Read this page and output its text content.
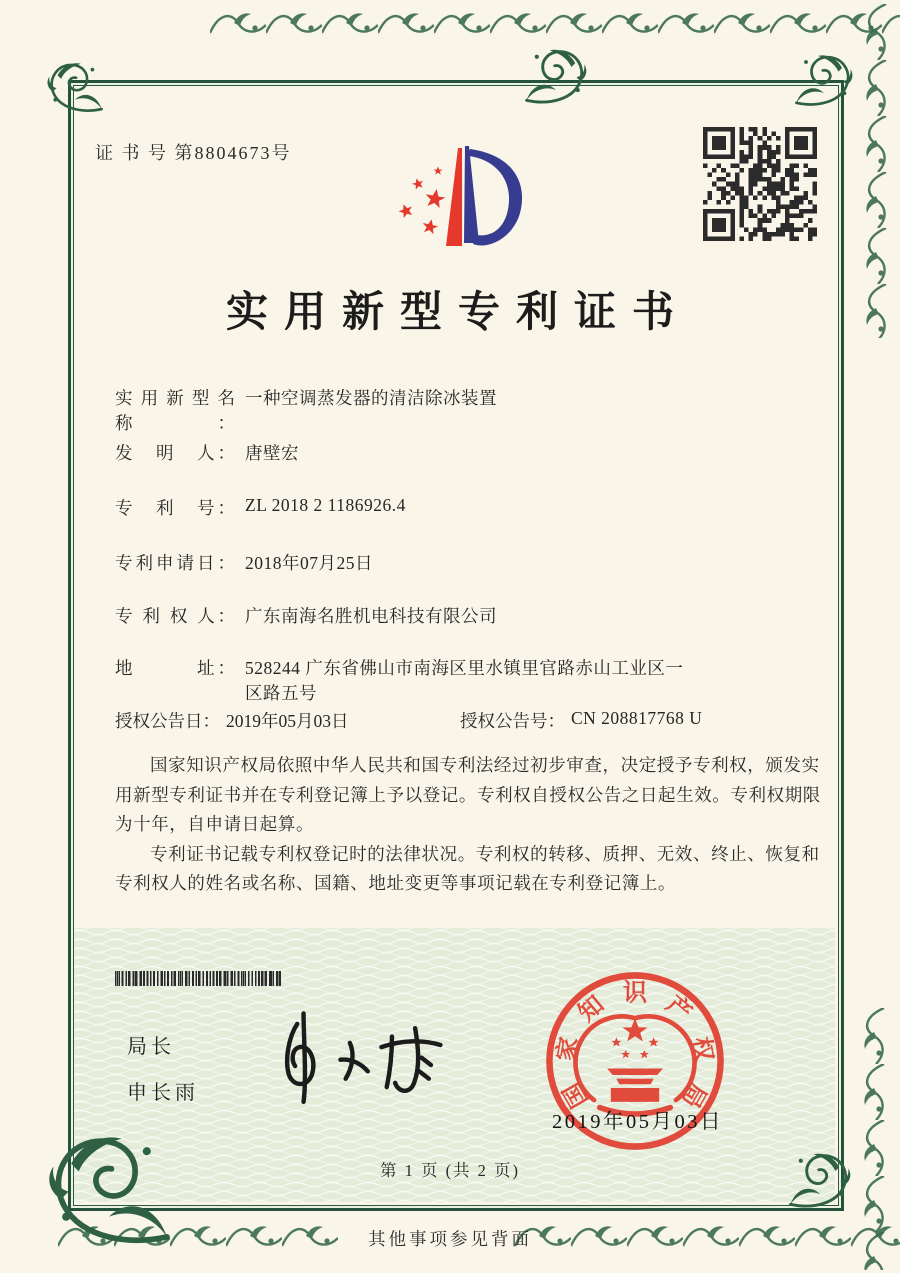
证 书 号 第8804673号
实用新型专利证书
实用新型名称：
一种空调蒸发器的清洁除冰装置
发　明　人： 唐壁宏
专　利　号： ZL 2018 2 1186926.4
专利申请日： 2018年07月25日
专 利 权 人： 广东南海名胜机电科技有限公司
地　　　址： 528244 广东省佛山市南海区里水镇里官路赤山工业区一区路五号
授权公告日： 2019年05月03日	授权公告号： CN 208817768 U

国家知识产权局依照中华人民共和国专利法经过初步审查，决定授予专利权，颁发实用新型专利证书并在专利登记簿上予以登记。专利权自授权公告之日起生效。专利权期限为十年，自申请日起算。

专利证书记载专利权登记时的法律状况。专利权的转移、质押、无效、终止、恢复和专利权人的姓名或名称、国籍、地址变更等事项记载在专利登记簿上。

局长
申长雨	国
家
知 识 产
权
局
2019年05月03日
第 1 页 (共 2 页)
其他事项参见背面
